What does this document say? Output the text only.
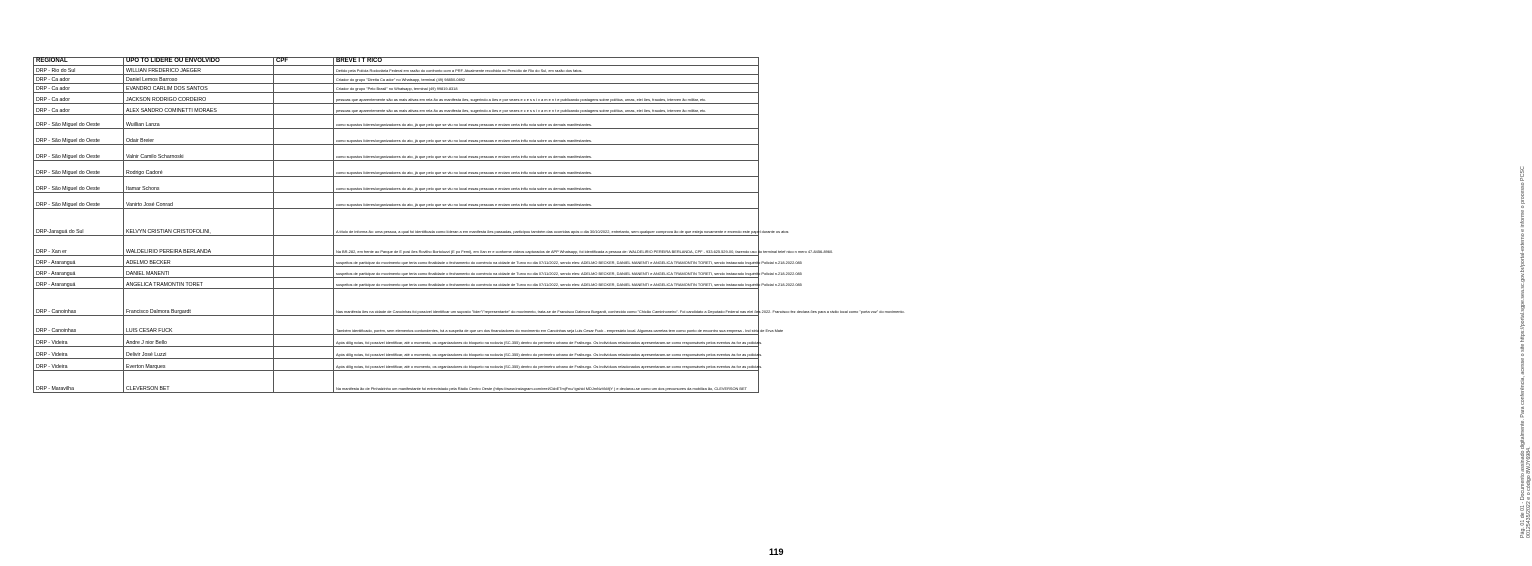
REGIONAL	UPO TO LIDERE OU ENVOLVIDO	CPF	BREVE I T RICO
DRP - Rio do Sul	WILLIAN FREDERICO JAEGER		Detido pela Polícia Rodoviária Federal em razão do confronto com a PRF. Atualmente recolhido no Presídio de Rio do Sul, em razão dos fatos.
DRP - Ca ador	Daniel Lemos Barroso		Criador do grupo "Direita Ca ador" no Whatsapp, terminal (49) 98850-0892
DRP - Ca ador	EVANDRO CARLIM DOS SANTOS		Criador do grupo "Pelo Brasil" no Whatsapp, terminal (49) 99819-8318
DRP - Ca ador	JACKSON RODRIGO CORDEIRO		pessoas que aparentemente são as mais ativas em rela ão as manifesta ões, sugerindo a ões e por vezes e c e s s i v a m e n t e publicando postagens sobre política, urnas, elei ões, fraudes, interven ão militar, etc.
DRP - Ca ador	ALEX SANDRO COMINETTI MORAES		pessoas que aparentemente são as mais ativas em rela ão as manifesta ões, sugerindo a ões e por vezes e c e s s i v a m e n t e publicando postagens sobre política, urnas, elei ões, fraudes, interven ão militar, etc.
DRP - São Miguel do Oeste	Wuillian Lanza		como supostos líderes/organizadores do ato, já que pelo que se viu no local essas pessoas e erciam certa influ ncia sobre os demais manifestantes.
DRP - São Miguel do Oeste	Odair Breier		como supostos líderes/organizadores do ato, já que pelo que se viu no local essas pessoas e erciam certa influ ncia sobre os demais manifestantes.
DRP - São Miguel do Oeste	Valnir Camilo Scharnoski		como supostos líderes/organizadores do ato, já que pelo que se viu no local essas pessoas e erciam certa influ ncia sobre os demais manifestantes.
DRP - São Miguel do Oeste	Rodrigo Cadoré		como supostos líderes/organizadores do ato, já que pelo que se viu no local essas pessoas e erciam certa influ ncia sobre os demais manifestantes.
DRP - São Miguel do Oeste	Itamar Schons		como supostos líderes/organizadores do ato, já que pelo que se viu no local essas pessoas e erciam certa influ ncia sobre os demais manifestantes.
DRP - São Miguel do Oeste	Vanirto José Conrad		como supostos líderes/organizadores do ato, já que pelo que se viu no local essas pessoas e erciam certa influ ncia sobre os demais manifestantes.
DRP-Jaraguá do Sul	KELVYN CRISTIAN CRISTOFOLINI,		A título de informa ão: uma pessoa, a qual foi identificada como líderan a em manifesta ões passadas, participou também das ocorridas após o dia 30/10/2022, entretanto, sem qualquer comprova ão de que esteja novamente e ercendo este papel durante os atos
DRP - Xan er	WALDELIRIO PEREIRA BERLANDA		Na BR-282, em frente ao Parque de E posi ões Rovilho Bortoluzzi (E po Femi), em Xan er e conforme vídeos capturados de APP Whatsapp, foi identificada a pessoa de: WALDELIRIO PEREIRA BERLANDA, CPF - 933.625.529-00, fazendo uso do terminal telef nico n mero 47-8456-8960.
DRP - Araranguá	ADELMO BECKER		suspeitos de participar do movimento que teria como finalidade o fechamento do comércio na cidade de Turvo no dia 07/11/2022, sendo eles: ADELMO BECKER, DANIEL MANENTI e ANGELICA TRAMONTIN TORETI, sendo instaurado Inquérito Policial n.218.2022.085
DRP - Araranguá	DANIEL MANENTI		suspeitos de participar do movimento que teria como finalidade o fechamento do comércio na cidade de Turvo no dia 07/11/2022, sendo eles: ADELMO BECKER, DANIEL MANENTI e ANGELICA TRAMONTIN TORETI, sendo instaurado Inquérito Policial n.218.2022.085
DRP - Araranguá	ANGELICA TRAMONTIN TORET		suspeitos de participar do movimento que teria como finalidade o fechamento do comércio na cidade de Turvo no dia 07/11/2022, sendo eles: ADELMO BECKER, DANIEL MANENTI e ANGELICA TRAMONTIN TORETI, sendo instaurado Inquérito Policial n.218.2022.085
DRP - Canoinhas	Francisco Dalmora Burgardt		Nas manifesta ões na cidade de Canoinhas foi possível identificar um suposto "líder"/"representante" do movimento, trata-se de Francisco Dalmora Burgardt, conhecido como "Chicão Caminhoneiro". Foi candidato a Deputado Federal nas elei ões 2022. Francisco fez declara ões para a rádio local como "porta voz" do movimento.
DRP - Canoinhas	LUIS CESAR FUCK		Também identificado, porém, sem elementos contundentes, há a suspeita de que um dos financiadores do movimento em Canoinhas seja Luis Cesar Fuck - empresário local. Algumas carretas tem como ponto de encontro sua empresa - Ind stria de Erva Mate
DRP - Videira	Andre J nior Bello		Após dilig ncias, foi possível identificar, até o momento, os organizadores do bloqueio na rodovia (SC-355) dentro do perímetro urbano de Fraiburgo. Os indivíduos relacionados apresentaram-se como responsáveis pelos eventos às for as policiais.
DRP - Videira	Delivir José Luzzi		Após dilig ncias, foi possível identificar, até o momento, os organizadores do bloqueio na rodovia (SC-355) dentro do perímetro urbano de Fraiburgo. Os indivíduos relacionados apresentaram-se como responsáveis pelos eventos às for as policiais.
DRP - Videira	Everton Marques		Após dilig ncias, foi possível identificar, até o momento, os organizadores do bloqueio na rodovia (SC-355) dentro do perímetro urbano de Fraiburgo. Os indivíduos relacionados apresentaram-se como responsáveis pelos eventos às for as policiais.
DRP - Maravilha	CLEVERSON BET		Na manifesta ão de Pinhalzinho um manifestante foi entrevistado pela Rádio Centro Oeste (https://www.instagram.com/reel/CkbETmjFnu/ igshid MDJmNzVkMjY ) e declarou-se como um dos precursores da mobiliza ão, CLEVERSON BET	Pág. 01 de 01 - Documento assinado digitalmente. Para conferência, acesse o site https://portal.sgpe.sea.sc.gov.br/portal-externo e informe o processo PCSC 00125435/2022 e o código 8WJY6984.
119
